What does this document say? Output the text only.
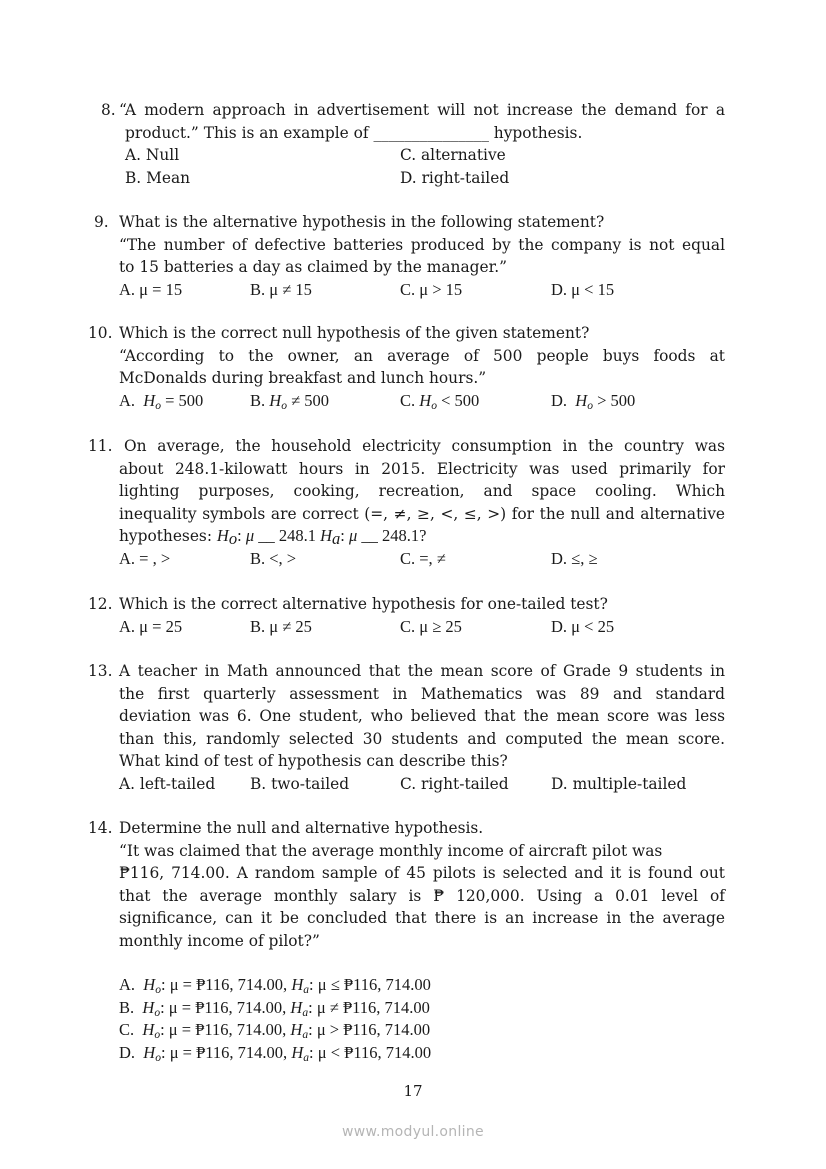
8. “A modern approach in advertisement will not increase the demand for a
product.” This is an example of _______________ hypothesis.
A. Null	C. alternative
B. Mean	D. right-tailed
9. What is the alternative hypothesis in the following statement?
“The number of defective batteries produced by the company is not equal
to 15 batteries a day as claimed by the manager.”
A. μ = 15	B. μ ≠ 15	C. μ > 15	D. μ < 15
10. Which is the correct null hypothesis of the given statement?
“According to the owner, an average of 500 people buys foods at
McDonalds during breakfast and lunch hours.”
A. $H_o = 500$	B. $H_o \ne 500$	C. $H_o < 500$	D. $H_o > 500$
11. On average, the household electricity consumption in the country was
about 248.1-kilowatt hours in 2015. Electricity was used primarily for
lighting purposes, cooking, recreation, and space cooling. Which
inequality symbols are correct (=, ≠, ≥, <, ≤, >) for the null and alternative
hypotheses: $H_o$: μ __ 248.1 $H_a$: μ __ 248.1?
A. = , >	B. <, >	C. =, ≠	D. ≤, ≥
12. Which is the correct alternative hypothesis for one-tailed test?
A. μ = 25	B. μ ≠ 25	C. μ ≥ 25	D. μ < 25
13. A teacher in Math announced that the mean score of Grade 9 students in
the first quarterly assessment in Mathematics was 89 and standard
deviation was 6. One student, who believed that the mean score was less
than this, randomly selected 30 students and computed the mean score.
What kind of test of hypothesis can describe this?
A. left-tailed B. two-tailed	C. right-tailed	D. multiple-tailed
14. Determine the null and alternative hypothesis.
“It was claimed that the average monthly income of aircraft pilot was
₱116, 714.00. A random sample of 45 pilots is selected and it is found out
that the average monthly salary is ₱ 120,000. Using a 0.01 level of
significance, can it be concluded that there is an increase in the average
monthly income of pilot?”
A. $H_o$: μ = ₱116, 714.00, $H_a$: μ ≤ ₱116, 714.00
B. $H_o$: μ = ₱116, 714.00, $H_a$: μ ≠ ₱116, 714.00
C. $H_o$: μ = ₱116, 714.00, $H_a$: μ > ₱116, 714.00
D. $H_o$: μ = ₱116, 714.00, $H_a$: μ < ₱116, 714.00
17
www.modyul.online
